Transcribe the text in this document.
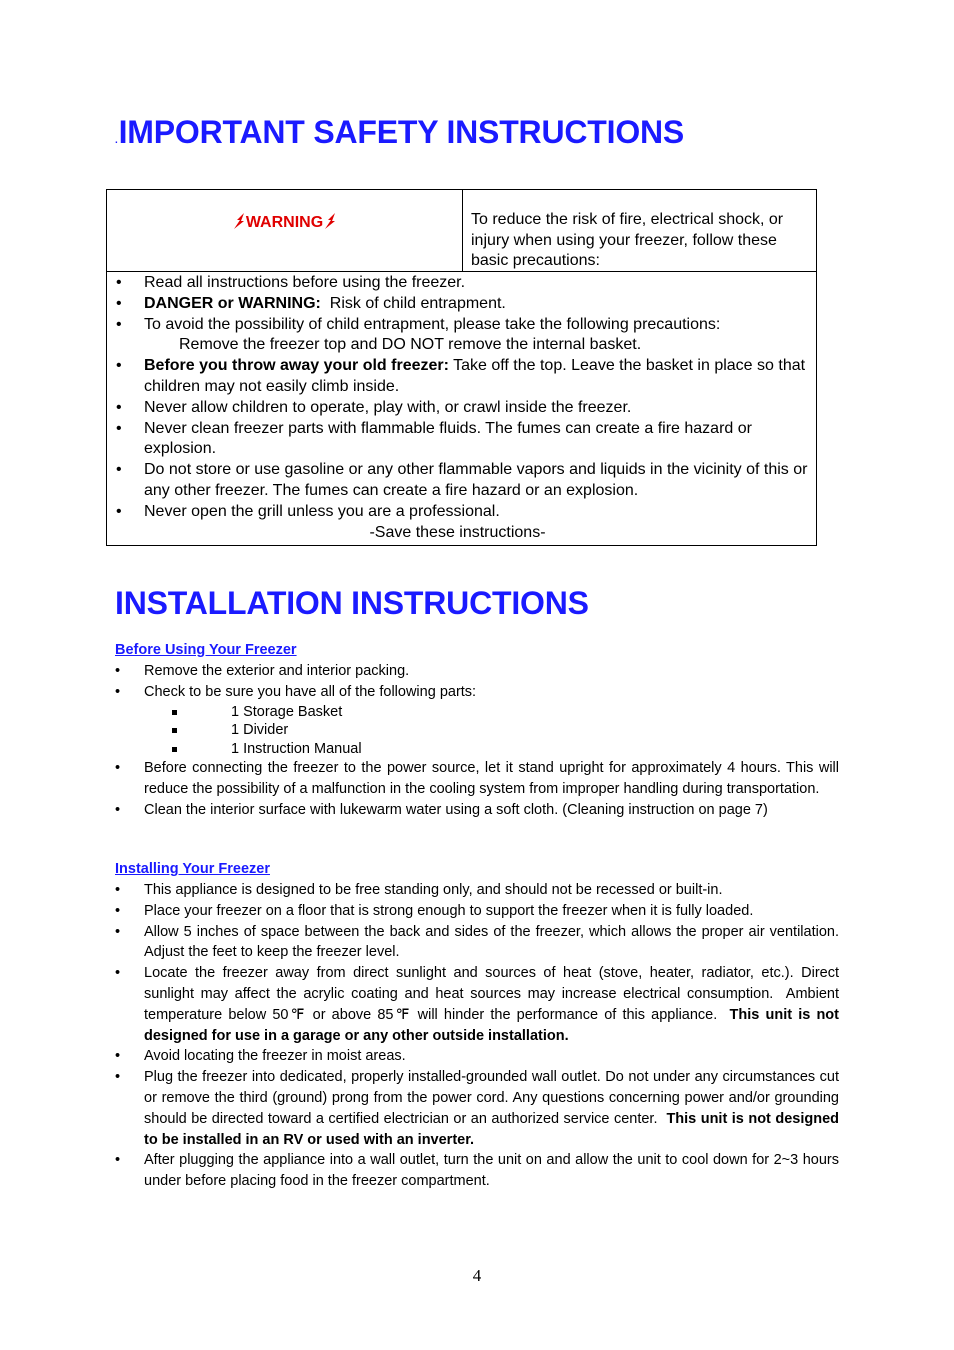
.IMPORTANT SAFETY INSTRUCTIONS
WARNING	To reduce the risk of fire, electrical shock, or injury when using your freezer, follow these basic precautions:
• Read all instructions before using the freezer.
• DANGER or WARNING:  Risk of child entrapment.
• To avoid the possibility of child entrapment, please take the following precautions:
Remove the freezer top and DO NOT remove the internal basket.
• Before you throw away your old freezer: Take off the top. Leave the basket in place so that children may not easily climb inside.
• Never allow children to operate, play with, or crawl inside the freezer.
• Never clean freezer parts with flammable fluids. The fumes can create a fire hazard or explosion.
• Do not store or use gasoline or any other flammable vapors and liquids in the vicinity of this or any other freezer. The fumes can create a fire hazard or an explosion.
• Never open the grill unless you are a professional.
-Save these instructions-
INSTALLATION INSTRUCTIONS
Before Using Your Freezer
• Remove the exterior and interior packing.
• Check to be sure you have all of the following parts:
1 Storage Basket
1 Divider
1 Instruction Manual
• Before connecting the freezer to the power source, let it stand upright for approximately 4 hours. This will reduce the possibility of a malfunction in the cooling system from improper handling during transportation.
• Clean the interior surface with lukewarm water using a soft cloth. (Cleaning instruction on page 7)
Installing Your Freezer
• This appliance is designed to be free standing only, and should not be recessed or built-in.
• Place your freezer on a floor that is strong enough to support the freezer when it is fully loaded.
• Allow 5 inches of space between the back and sides of the freezer, which allows the proper air ventilation. Adjust the feet to keep the freezer level.
• Locate the freezer away from direct sunlight and sources of heat (stove, heater, radiator, etc.). Direct sunlight may affect the acrylic coating and heat sources may increase electrical consumption.  Ambient temperature below 50℉ or above 85℉ will hinder the performance of this appliance.  This unit is not designed for use in a garage or any other outside installation.
• Avoid locating the freezer in moist areas.
• Plug the freezer into dedicated, properly installed-grounded wall outlet. Do not under any circumstances cut or remove the third (ground) prong from the power cord. Any questions concerning power and/or grounding should be directed toward a certified electrician or an authorized service center.  This unit is not designed to be installed in an RV or used with an inverter.
• After plugging the appliance into a wall outlet, turn the unit on and allow the unit to cool down for 2~3 hours under before placing food in the freezer compartment.
4
